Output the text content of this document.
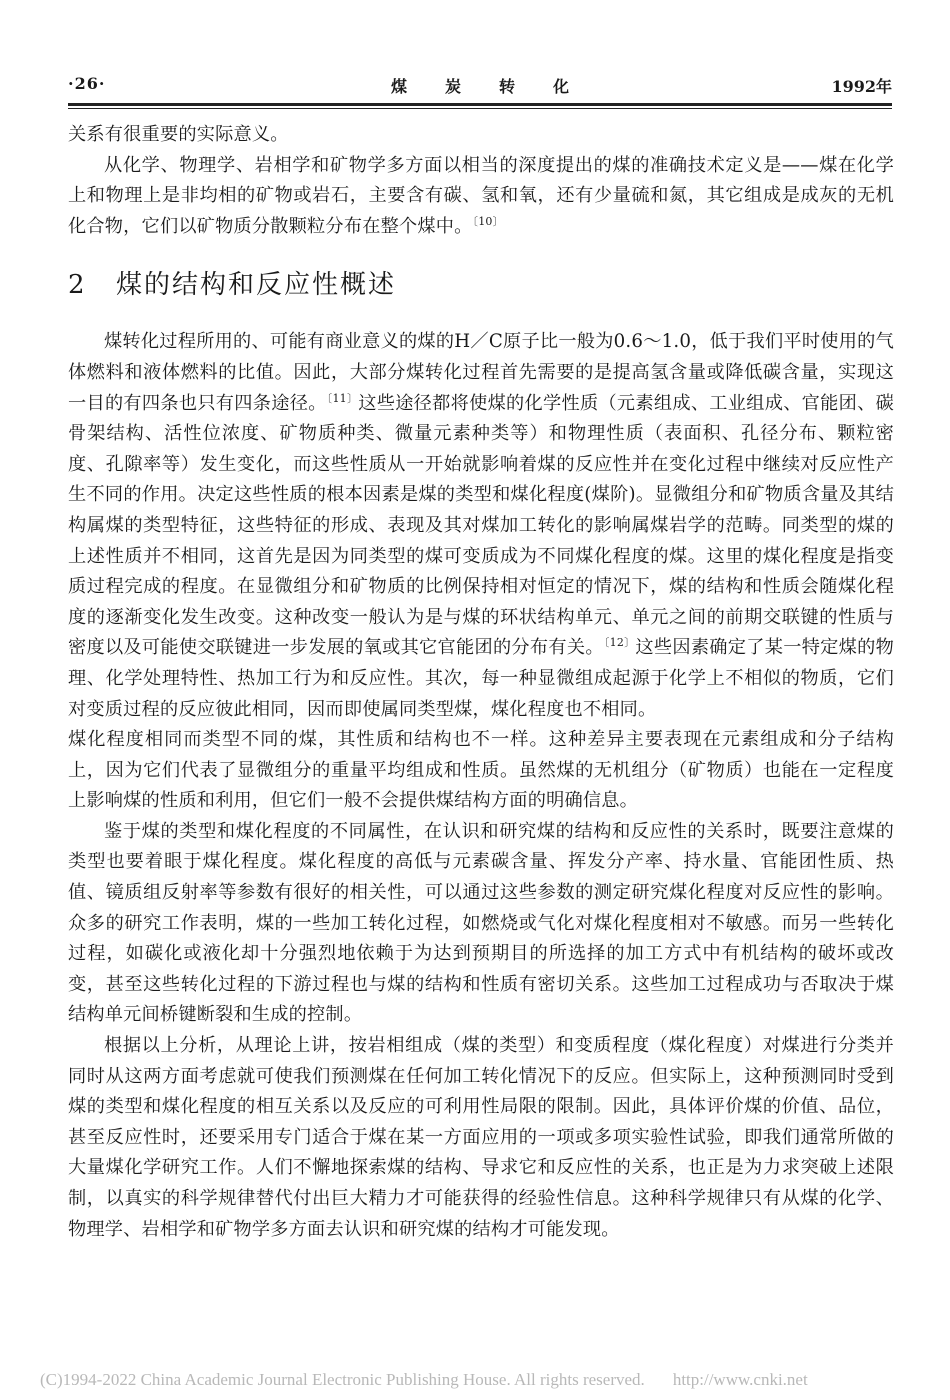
·26·	煤炭转化	1992年

关系有很重要的实际意义。

从化学、物理学、岩相学和矿物学多方面以相当的深度提出的煤的准确技术定义是——煤在化学上和物理上是非均相的矿物或岩石，主要含有碳、氢和氧，还有少量硫和氮，其它组成是成灰的无机化合物，它们以矿物质分散颗粒分布在整个煤中。$^{〔10〕}$

2 煤的结构和反应性概述

煤转化过程所用的、可能有商业意义的煤的H／C原子比一般为0.6～1.0，低于我们平时使用的气体燃料和液体燃料的比值。因此，大部分煤转化过程首先需要的是提高氢含量或降低碳含量，实现这一目的有四条也只有四条途径。$^{〔11〕}$这些途径都将使煤的化学性质（元素组成、工业组成、官能团、碳骨架结构、活性位浓度、矿物质种类、微量元素种类等）和物理性质（表面积、孔径分布、颗粒密度、孔隙率等）发生变化，而这些性质从一开始就影响着煤的反应性并在变化过程中继续对反应性产生不同的作用。决定这些性质的根本因素是煤的类型和煤化程度(煤阶)。显微组分和矿物质含量及其结构属煤的类型特征，这些特征的形成、表现及其对煤加工转化的影响属煤岩学的范畴。同类型的煤的上述性质并不相同，这首先是因为同类型的煤可变质成为不同煤化程度的煤。这里的煤化程度是指变质过程完成的程度。在显微组分和矿物质的比例保持相对恒定的情况下，煤的结构和性质会随煤化程度的逐渐变化发生改变。这种改变一般认为是与煤的环状结构单元、单元之间的前期交联键的性质与密度以及可能使交联键进一步发展的氧或其它官能团的分布有关。$^{〔12〕}$这些因素确定了某一特定煤的物理、化学处理特性、热加工行为和反应性。其次，每一种显微组成起源于化学上不相似的物质，它们对变质过程的反应彼此相同，因而即使属同类型煤，煤化程度也不相同。

煤化程度相同而类型不同的煤，其性质和结构也不一样。这种差异主要表现在元素组成和分子结构上，因为它们代表了显微组分的重量平均组成和性质。虽然煤的无机组分（矿物质）也能在一定程度上影响煤的性质和利用，但它们一般不会提供煤结构方面的明确信息。

鉴于煤的类型和煤化程度的不同属性，在认识和研究煤的结构和反应性的关系时，既要注意煤的类型也要着眼于煤化程度。煤化程度的高低与元素碳含量、挥发分产率、持水量、官能团性质、热值、镜质组反射率等参数有很好的相关性，可以通过这些参数的测定研究煤化程度对反应性的影响。众多的研究工作表明，煤的一些加工转化过程，如燃烧或气化对煤化程度相对不敏感。而另一些转化过程，如碳化或液化却十分强烈地依赖于为达到预期目的所选择的加工方式中有机结构的破坏或改变，甚至这些转化过程的下游过程也与煤的结构和性质有密切关系。这些加工过程成功与否取决于煤结构单元间桥键断裂和生成的控制。

根据以上分析，从理论上讲，按岩相组成（煤的类型）和变质程度（煤化程度）对煤进行分类并同时从这两方面考虑就可使我们预测煤在任何加工转化情况下的反应。但实际上，这种预测同时受到煤的类型和煤化程度的相互关系以及反应的可利用性局限的限制。因此，具体评价煤的价值、品位，甚至反应性时，还要采用专门适合于煤在某一方面应用的一项或多项实验性试验，即我们通常所做的大量煤化学研究工作。人们不懈地探索煤的结构、导求它和反应性的关系，也正是为力求突破上述限制，以真实的科学规律替代付出巨大精力才可能获得的经验性信息。这种科学规律只有从煤的化学、物理学、岩相学和矿物学多方面去认识和研究煤的结构才可能发现。

(C)1994-2022 China Academic Journal Electronic Publishing House. All rights reserved. http://www.cnki.net
